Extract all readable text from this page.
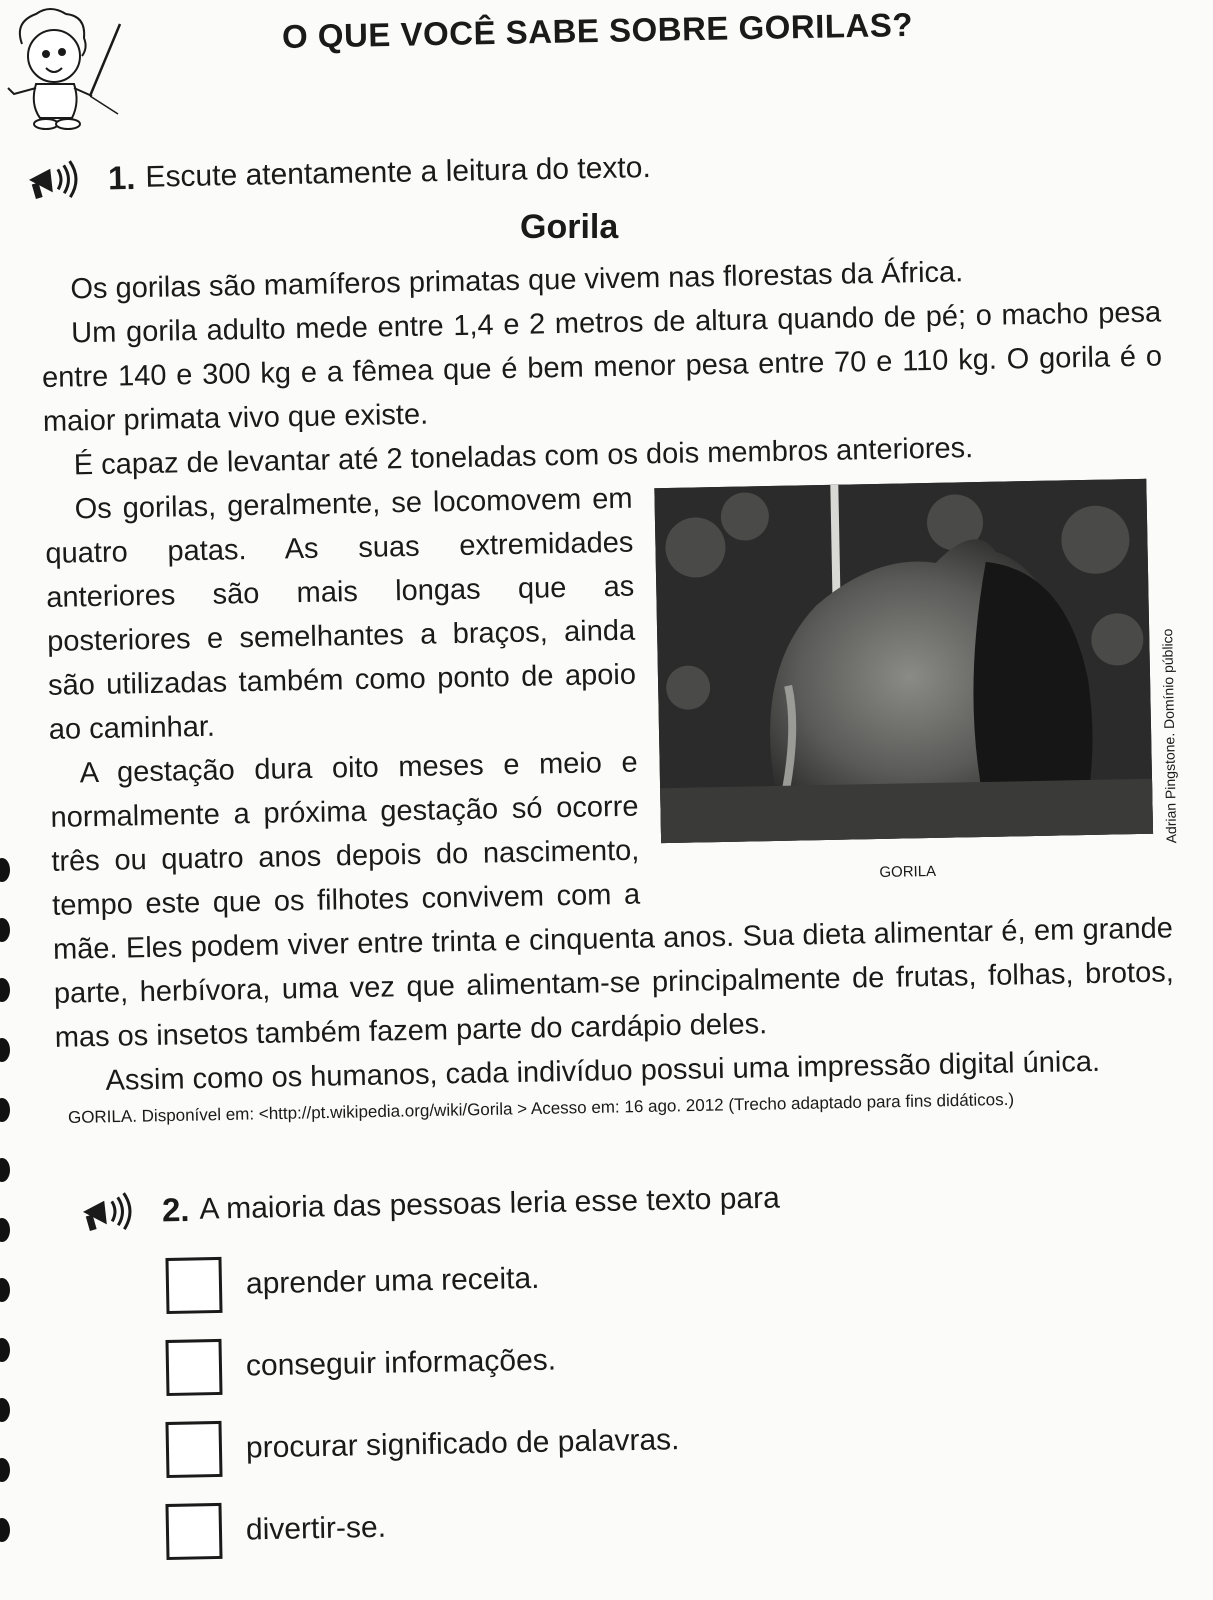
O QUE VOCÊ SABE SOBRE GORILAS?
1. Escute atentamente a leitura do texto.
Gorila

Os gorilas são mamíferos primatas que vivem nas florestas da África.

Um gorila adulto mede entre 1,4 e 2 metros de altura quando de pé; o macho pesa entre 140 e 300 kg e a fêmea que é bem menor pesa entre 70 e 110 kg. O gorila é o maior primata vivo que existe.

É capaz de levantar até 2 toneladas com os dois membros anteriores.

Adrian Pingstone. Domínio público
GORILA

Os gorilas, geralmente, se locomovem em quatro patas. As suas extremidades anteriores são mais longas que as posteriores e semelhantes a braços, ainda são utilizadas também como ponto de apoio ao caminhar.

A gestação dura oito meses e meio e normalmente a próxima gestação só ocorre três ou quatro anos depois do nascimento, tempo este que os filhotes convivem com a mãe. Eles podem viver entre trinta e cinquenta anos. Sua dieta alimentar é, em grande parte, herbívora, uma vez que alimentam-se principalmente de frutas, folhas, brotos, mas os insetos também fazem parte do cardápio deles.

Assim como os humanos, cada indivíduo possui uma impressão digital única.

GORILA. Disponível em: <http://pt.wikipedia.org/wiki/Gorila > Acesso em: 16 ago. 2012 (Trecho adaptado para fins didáticos.)
2. A maioria das pessoas leria esse texto para
aprender uma receita.
conseguir informações.
procurar significado de palavras.
divertir-se.
